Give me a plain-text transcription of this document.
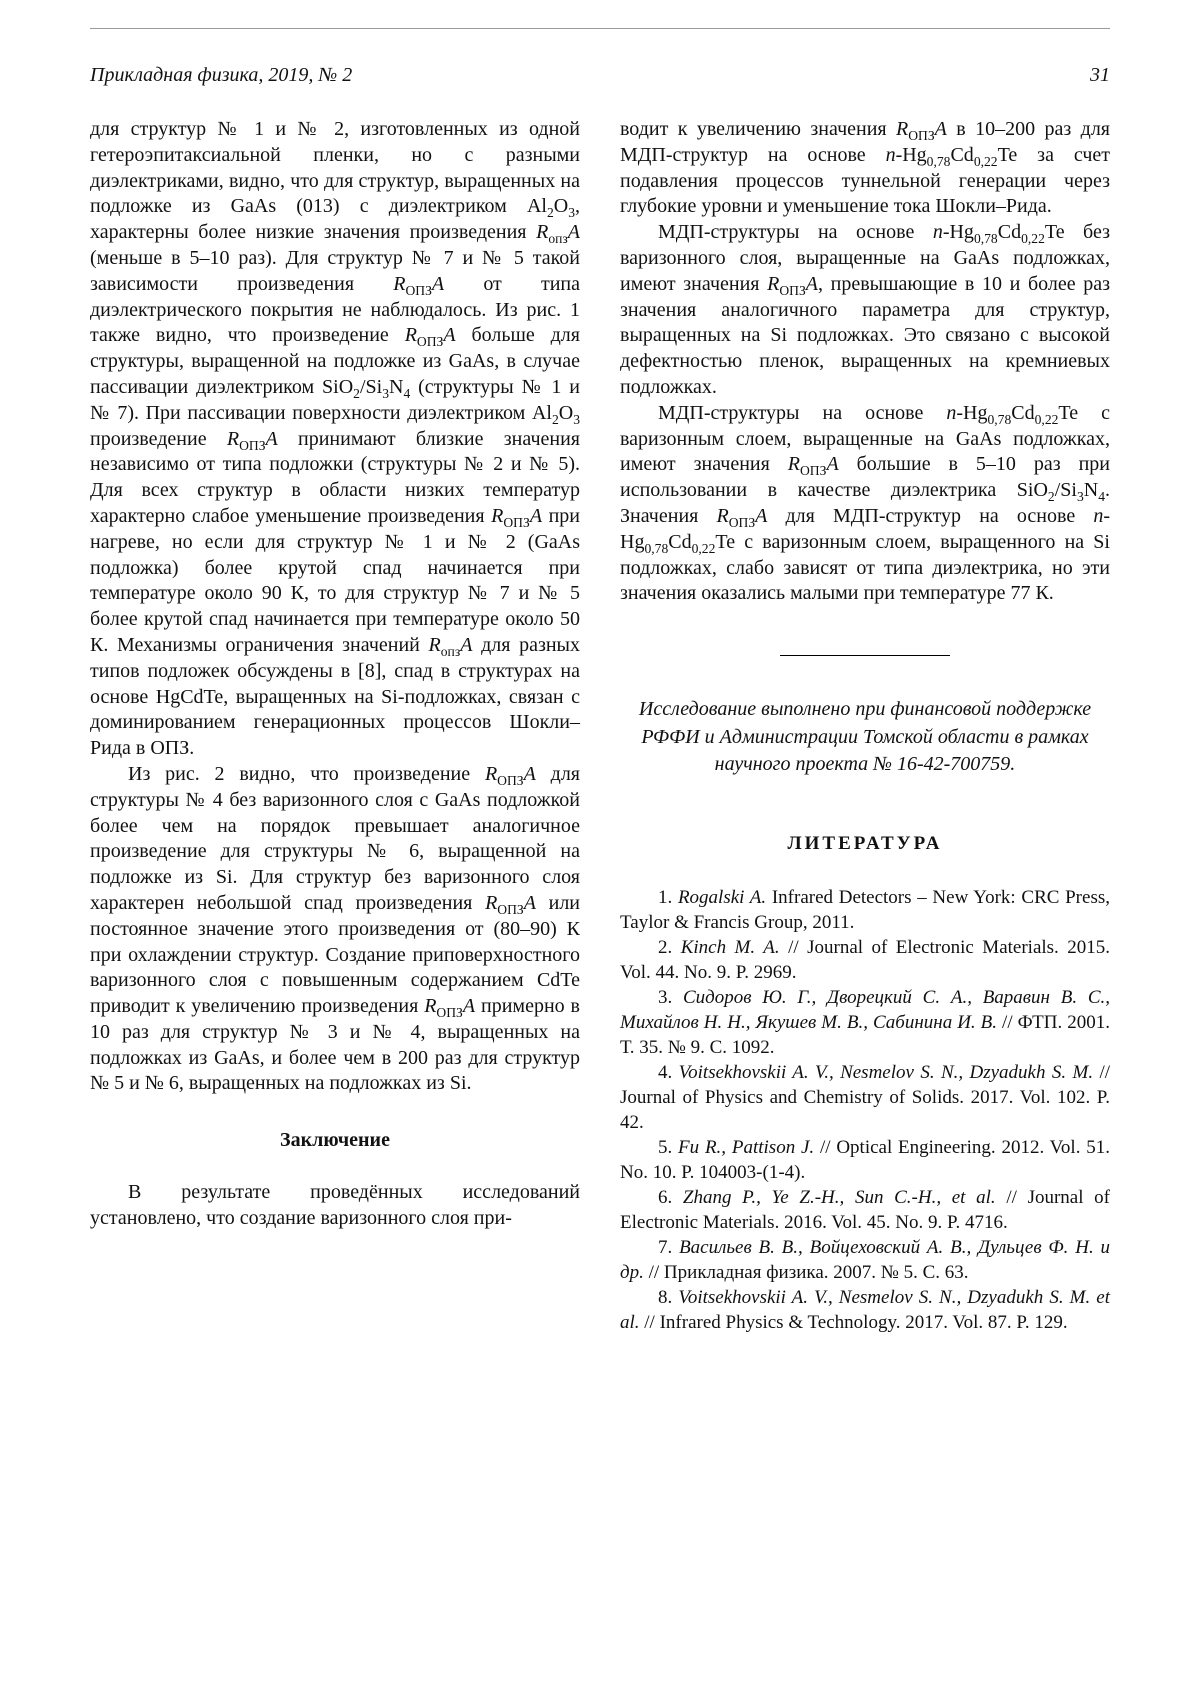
Прикладная физика, 2019, № 2	31

для структур № 1 и № 2, изготовленных из одной гетероэпитаксиальной пленки, но с разными диэлектриками, видно, что для структур, выращенных на подложке из GaAs (013) с диэлектриком $Al_2O_3$, характерны более низкие значения произведения $R_{опз}A$ (меньше в 5–10 раз). Для структур № 7 и № 5 такой зависимости произведения $R_{ОПЗ}A$ от типа диэлектрического покрытия не наблюдалось. Из рис. 1 также видно, что произведение $R_{ОПЗ}A$ больше для структуры, выращенной на подложке из GaAs, в случае пассивации диэлектриком $SiO_2/Si_3N_4$ (структуры № 1 и № 7). При пассивации поверхности диэлектриком $Al_2O_3$ произведение $R_{ОПЗ}A$ принимают близкие значения независимо от типа подложки (структуры № 2 и № 5). Для всех структур в области низких температур характерно слабое уменьшение произведения $R_{ОПЗ}A$ при нагреве, но если для структур № 1 и № 2 (GaAs подложка) более крутой спад начинается при температуре около 90 К, то для структур № 7 и № 5 более крутой спад начинается при температуре около 50 К. Механизмы ограничения значений $R_{опз}A$ для разных типов подложек обсуждены в [8], спад в структурах на основе HgCdTe, выращенных на Si-подложках, связан с доминированием генерационных процессов Шокли–Рида в ОПЗ.

Из рис. 2 видно, что произведение $R_{ОПЗ}A$ для структуры № 4 без варизонного слоя с GaAs подложкой более чем на порядок превышает аналогичное произведение для структуры № 6, выращенной на подложке из Si. Для структур без варизонного слоя характерен небольшой спад произведения $R_{ОПЗ}A$ или постоянное значение этого произведения от (80–90) К при охлаждении структур. Создание приповерхностного варизонного слоя с повышенным содержанием CdTe приводит к увеличению произведения $R_{ОПЗ}A$ примерно в 10 раз для структур № 3 и № 4, выращенных на подложках из GaAs, и более чем в 200 раз для структур № 5 и № 6, выращенных на подложках из Si.

Заключение

В результате проведённых исследований установлено, что создание варизонного слоя при-

водит к увеличению значения $R_{ОПЗ}A$ в 10–200 раз для МДП-структур на основе $n-Hg_{0,78}Cd_{0,22}Te$ за счет подавления процессов туннельной генерации через глубокие уровни и уменьшение тока Шокли–Рида.

МДП-структуры на основе $n-Hg_{0,78}Cd_{0,22}Te$ без варизонного слоя, выращенные на GaAs подложках, имеют значения $R_{ОПЗ}A$, превышающие в 10 и более раз значения аналогичного параметра для структур, выращенных на Si подложках. Это связано с высокой дефектностью пленок, выращенных на кремниевых подложках.

МДП-структуры на основе $n-Hg_{0,78}Cd_{0,22}Te$ с варизонным слоем, выращенные на GaAs подложках, имеют значения $R_{ОПЗ}A$ большие в 5–10 раз при использовании в качестве диэлектрика $SiO_2/Si_3N_4$. Значения $R_{ОПЗ}A$ для МДП-структур на основе $n-Hg_{0,78}Cd_{0,22}Te$ с варизонным слоем, выращенного на Si подложках, слабо зависят от типа диэлектрика, но эти значения оказались малыми при температуре 77 К.

Исследование выполнено при финансовой поддержке РФФИ и Администрации Томской области в рамках научного проекта № 16-42-700759.

ЛИТЕРАТУРА

1. Rogalski A. Infrared Detectors – New York: CRC Press, Taylor & Francis Group, 2011.

2. Kinch M. A. // Journal of Electronic Materials. 2015. Vol. 44. No. 9. P. 2969.

3. Сидоров Ю. Г., Дворецкий С. А., Варавин В. С., Михайлов Н. Н., Якушев М. В., Сабинина И. В. // ФТП. 2001. Т. 35. № 9. С. 1092.

4. Voitsekhovskii A. V., Nesmelov S. N., Dzyadukh S. M. // Journal of Physics and Chemistry of Solids. 2017. Vol. 102. P. 42.

5. Fu R., Pattison J. // Optical Engineering. 2012. Vol. 51. No. 10. P. 104003-(1-4).

6. Zhang P., Ye Z.-H., Sun C.-H., et al. // Journal of Electronic Materials. 2016. Vol. 45. No. 9. P. 4716.

7. Васильев В. В., Войцеховский А. В., Дульцев Ф. Н. и др. // Прикладная физика. 2007. № 5. С. 63.

8. Voitsekhovskii A. V., Nesmelov S. N., Dzyadukh S. M. et al. // Infrared Physics & Technology. 2017. Vol. 87. P. 129.
